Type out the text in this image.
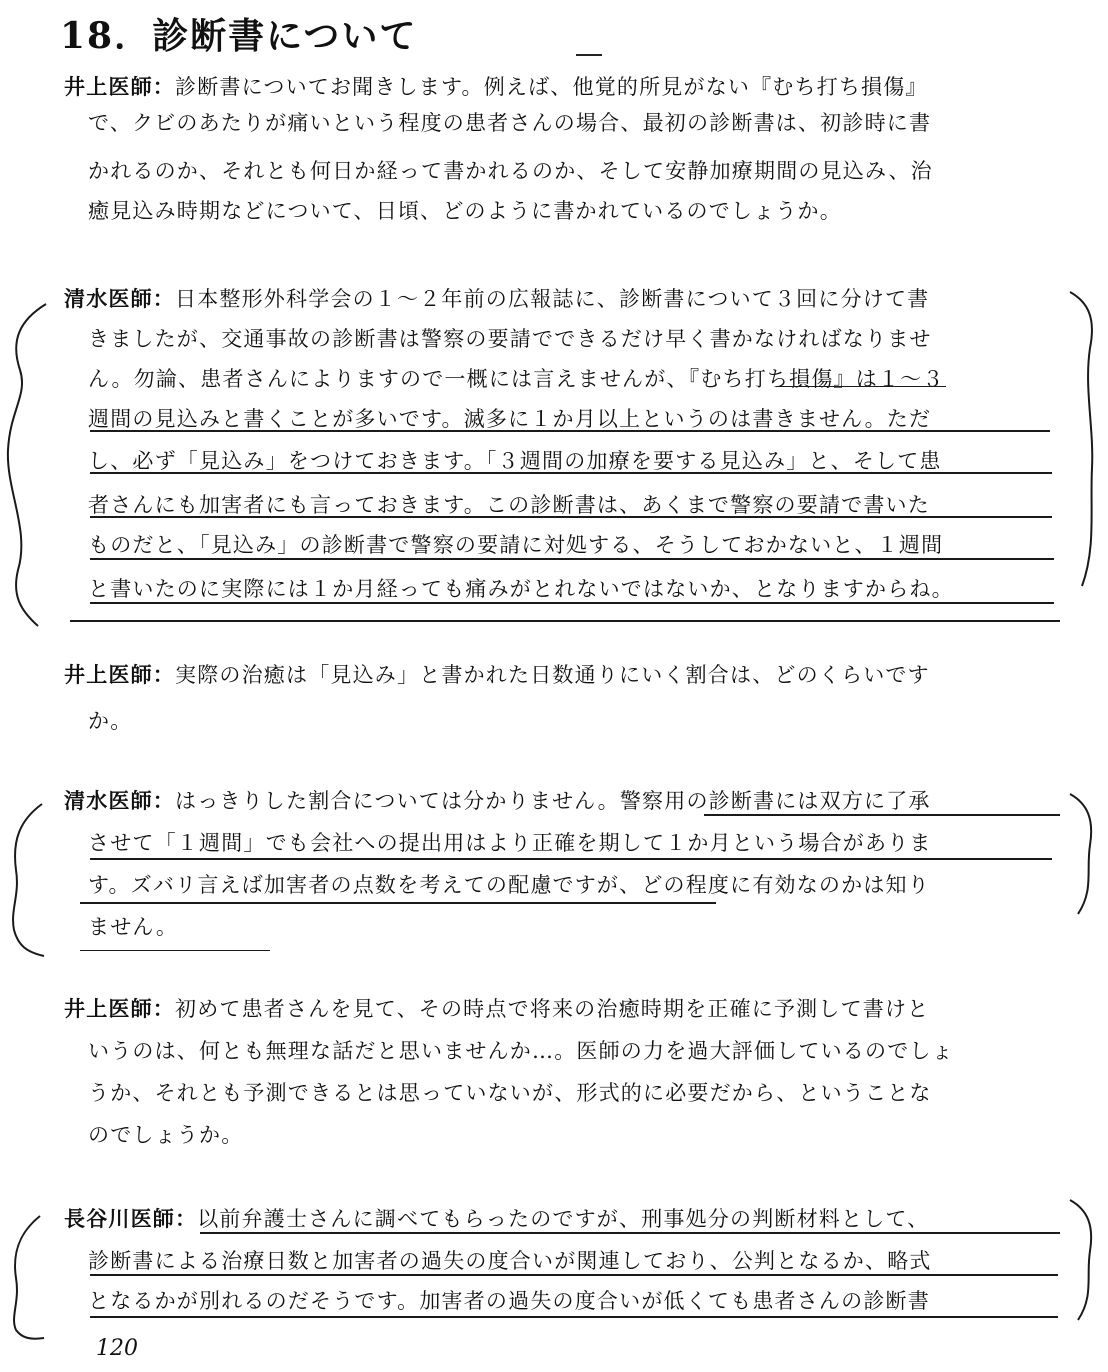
18．診断書について
井上医師：診断書についてお聞きします。例えば、他覚的所見がない『むち打ち損傷』
で、クビのあたりが痛いという程度の患者さんの場合、最初の診断書は、初診時に書
かれるのか、それとも何日か経って書かれるのか、そして安静加療期間の見込み、治
癒見込み時期などについて、日頃、どのように書かれているのでしょうか。
清水医師：日本整形外科学会の１～２年前の広報誌に、診断書について３回に分けて書
きましたが、交通事故の診断書は警察の要請でできるだけ早く書かなければなりませ
ん。勿論、患者さんによりますので一概には言えませんが、『むち打ち損傷』は１～３
週間の見込みと書くことが多いです。滅多に１か月以上というのは書きません。ただ
し、必ず「見込み」をつけておきます。「３週間の加療を要する見込み」と、そして患
者さんにも加害者にも言っておきます。この診断書は、あくまで警察の要請で書いた
ものだと、「見込み」の診断書で警察の要請に対処する、そうしておかないと、１週間
と書いたのに実際には１か月経っても痛みがとれないではないか、となりますからね。
井上医師：実際の治癒は「見込み」と書かれた日数通りにいく割合は、どのくらいです
か。
清水医師：はっきりした割合については分かりません。警察用の診断書には双方に了承
させて「１週間」でも会社への提出用はより正確を期して１か月という場合がありま
す。ズバリ言えば加害者の点数を考えての配慮ですが、どの程度に有効なのかは知り
ません。
井上医師：初めて患者さんを見て、その時点で将来の治癒時期を正確に予測して書けと
いうのは、何とも無理な話だと思いませんか…。医師の力を過大評価しているのでしょ
うか、それとも予測できるとは思っていないが、形式的に必要だから、ということな
のでしょうか。
長谷川医師：以前弁護士さんに調べてもらったのですが、刑事処分の判断材料として、
診断書による治療日数と加害者の過失の度合いが関連しており、公判となるか、略式
となるかが別れるのだそうです。加害者の過失の度合いが低くても患者さんの診断書
120
